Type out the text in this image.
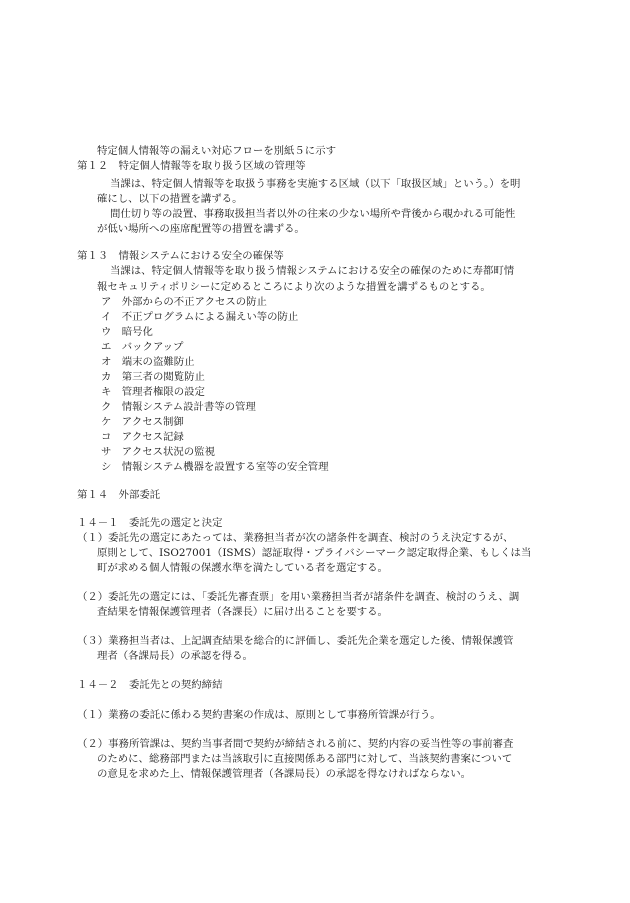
特定個人情報等の漏えい対応フローを別紙５に示す
第１２　特定個人情報等を取り扱う区域の管理等
当課は、特定個人情報等を取扱う事務を実施する区域（以下「取扱区域」という。）を明
確にし、以下の措置を講ずる。
間仕切り等の設置、事務取扱担当者以外の往来の少ない場所や背後から覗かれる可能性
が低い場所への座席配置等の措置を講ずる。
第１３　情報システムにおける安全の確保等
当課は、特定個人情報等を取り扱う情報システムにおける安全の確保のために寿都町情
報セキュリティポリシーに定めるところにより次のような措置を講ずるものとする。
ア　 外部からの不正アクセスの防止
イ　 不正プログラムによる漏えい等の防止
ウ　 暗号化
エ　 バックアップ
オ　 端末の盗難防止
カ　 第三者の閲覧防止
キ　 管理者権限の設定
ク　 情報システム設計書等の管理
ケ　 アクセス制御
コ　 アクセス記録
サ　 アクセス状況の監視
シ　 情報システム機器を設置する室等の安全管理
第１４　外部委託
１４－１　委託先の選定と決定
（１）委託先の選定にあたっては、業務担当者が次の諸条件を調査、検討のうえ決定するが、
原則として、ISO27001（ISMS）認証取得・プライバシーマーク認定取得企業、もしくは当
町が求める個人情報の保護水準を満たしている者を選定する。
（２）委託先の選定には、「委託先審査票」を用い業務担当者が諸条件を調査、検討のうえ、調
査結果を情報保護管理者（各課長）に届け出ることを要する。
（３）業務担当者は、上記調査結果を総合的に評価し、委託先企業を選定した後、情報保護管
理者（各課局長）の承認を得る。
１４－２　委託先との契約締結
（１）業務の委託に係わる契約書案の作成は、原則として事務所管課が行う。
（２）事務所管課は、契約当事者間で契約が締結される前に、契約内容の妥当性等の事前審査
のために、総務部門または当該取引に直接関係ある部門に対して、当該契約書案について
の意見を求めた上、情報保護管理者（各課局長）の承認を得なければならない。
